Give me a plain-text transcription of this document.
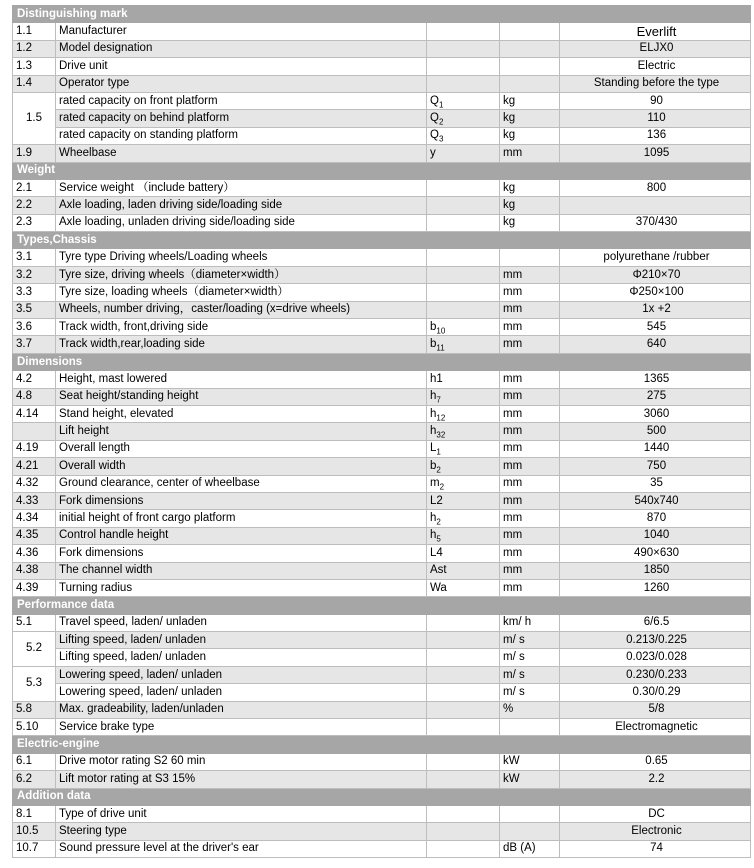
Distinguishing mark				
1.1	Manufacturer			Everlift
1.2	Model designation			ELJX0
1.3	Drive unit			Electric
1.4	Operator type			Standing before the type
1.5	rated capacity on front platform	$Q_1$	kg	90
	rated capacity on behind platform	$Q_2$	kg	110
	rated capacity on standing platform	$Q_3$	kg	136
1.9	Wheelbase	y	mm	1095
Weight				
2.1	Service weight （include battery）		kg	800
2.2	Axle loading, laden driving side/loading side		kg	
2.3	Axle loading, unladen driving side/loading side		kg	370/430
Types,Chassis				
3.1	Tyre type Driving wheels/Loading wheels			polyurethane /rubber
3.2	Tyre size, driving wheels（diameter×width）		mm	Φ210×70
3.3	Tyre size, loading wheels（diameter×width）		mm	Φ250×100
3.5	Wheels, number driving，caster/loading (x=drive wheels)		mm	1x +2
3.6	Track width, front,driving side	$b_{10}$	mm	545
3.7	Track width,rear,loading side	$b_{11}$	mm	640
Dimensions				
4.2	Height, mast lowered	h1	mm	1365
4.8	Seat height/standing height	$h_7$	mm	275
4.14	Stand height, elevated	$h_{12}$	mm	3060
	Lift height	$h_{32}$	mm	500
4.19	Overall length	$L_1$	mm	1440
4.21	Overall width	$b_2$	mm	750
4.32	Ground clearance, center of wheelbase	$m_2$	mm	35
4.33	Fork dimensions	L2	mm	540x740
4.34	initial height of front cargo platform	$h_2$	mm	870
4.35	Control handle height	$h_5$	mm	1040
4.36	Fork dimensions	L4	mm	490×630
4.38	The channel width	Ast	mm	1850
4.39	Turning radius	Wa	mm	1260
Performance data				
5.1	Travel speed, laden/ unladen		km/ h	6/6.5
5.2	Lifting speed, laden/ unladen		m/ s	0.213/0.225
	Lifting speed, laden/ unladen		m/ s	0.023/0.028
5.3	Lowering speed, laden/ unladen		m/ s	0.230/0.233
	Lowering speed, laden/ unladen		m/ s	0.30/0.29
5.8	Max. gradeability, laden/unladen		%	5/8
5.10	Service brake type			Electromagnetic
Electric-engine				
6.1	Drive motor rating S2 60 min		kW	0.65
6.2	Lift motor rating at S3 15%		kW	2.2
Addition data				
8.1	Type of drive unit			DC
10.5	Steering type			Electronic
10.7	Sound pressure level at the driver's ear		dB (A)	74
